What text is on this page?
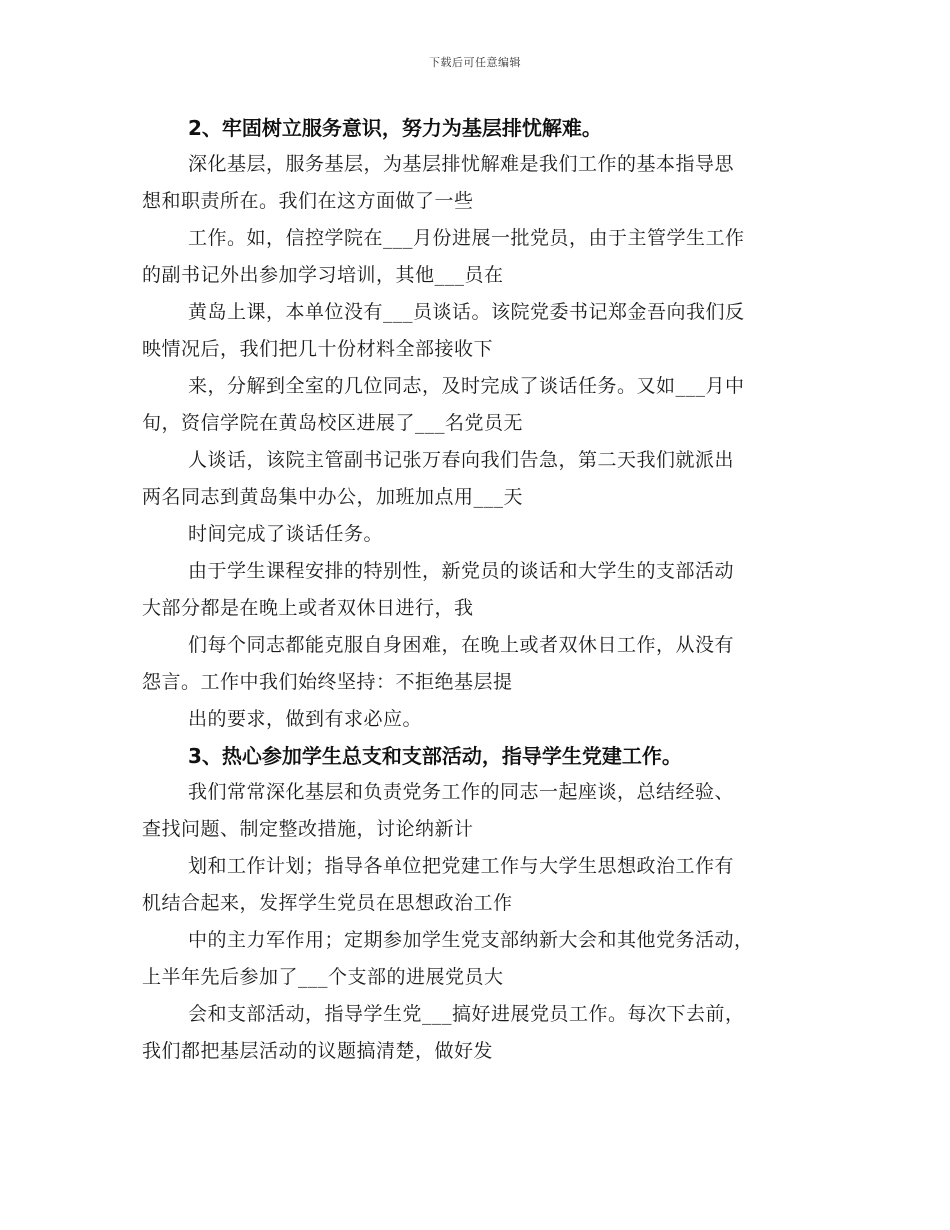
下载后可任意编辑
2、牢固树立服务意识，努力为基层排忧解难。
深化基层，服务基层，为基层排忧解难是我们工作的基本指导思
想和职责所在。我们在这方面做了一些
工作。如，信控学院在___月份进展一批党员，由于主管学生工作
的副书记外出参加学习培训，其他___员在
黄岛上课，本单位没有___员谈话。该院党委书记郑金吾向我们反
映情况后，我们把几十份材料全部接收下
来，分解到全室的几位同志，及时完成了谈话任务。又如___月中
旬，资信学院在黄岛校区进展了___名党员无
人谈话，该院主管副书记张万春向我们告急，第二天我们就派出
两名同志到黄岛集中办公，加班加点用___天
时间完成了谈话任务。
由于学生课程安排的特别性，新党员的谈话和大学生的支部活动
大部分都是在晚上或者双休日进行，我
们每个同志都能克服自身困难，在晚上或者双休日工作，从没有
怨言。工作中我们始终坚持：不拒绝基层提
出的要求，做到有求必应。
3、热心参加学生总支和支部活动，指导学生党建工作。
我们常常深化基层和负责党务工作的同志一起座谈，总结经验、
查找问题、制定整改措施，讨论纳新计
划和工作计划；指导各单位把党建工作与大学生思想政治工作有
机结合起来，发挥学生党员在思想政治工作
中的主力军作用；定期参加学生党支部纳新大会和其他党务活动，
上半年先后参加了___个支部的进展党员大
会和支部活动，指导学生党___搞好进展党员工作。每次下去前，
我们都把基层活动的议题搞清楚，做好发
